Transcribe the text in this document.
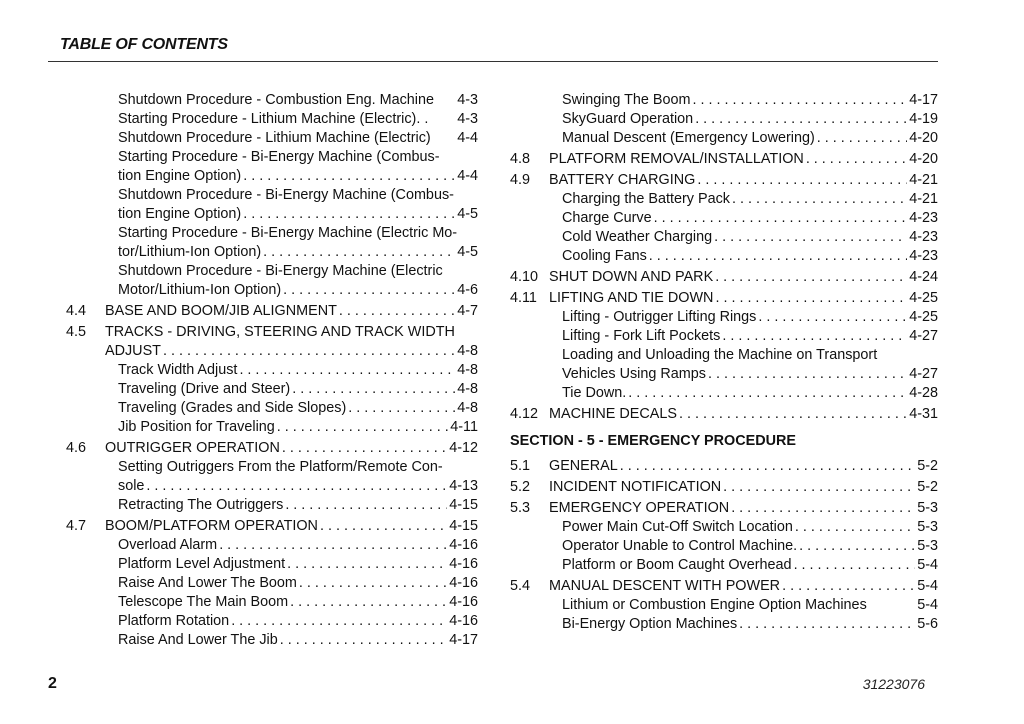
TABLE OF CONTENTS
Shutdown Procedure - Combustion Eng. Machine 4-3
Starting Procedure - Lithium Machine (Electric). . 4-3
Shutdown Procedure - Lithium Machine (Electric) 4-4
Starting Procedure - Bi-Energy Machine (Combus-
tion Engine Option) . . .	4-4
Shutdown Procedure - Bi-Energy Machine (Combus-
tion Engine Option) . . .	4-5
Starting Procedure - Bi-Energy Machine (Electric Mo-
tor/Lithium-Ion Option) . . .	4-5
Shutdown Procedure - Bi-Energy Machine (Electric
Motor/Lithium-Ion Option) . . .	4-6
4.4 BASE AND BOOM/JIB ALIGNMENT . . .	4-7
4.5 TRACKS - DRIVING, STEERING AND TRACK WIDTH
ADJUST . . .	4-8
Track Width Adjust . . .	4-8
Traveling (Drive and Steer) . . .	4-8
Traveling (Grades and Side Slopes) . . .	4-8
Jib Position for Traveling . . .	4-11
4.6 OUTRIGGER OPERATION . . .	4-12
Setting Outriggers From the Platform/Remote Con-
sole . . .	4-13
Retracting The Outriggers . . .	4-15
4.7 BOOM/PLATFORM OPERATION . . .	4-15
Overload Alarm . . .	4-16
Platform Level Adjustment . . .	4-16
Raise And Lower The Boom . . .	4-16
Telescope The Main Boom . . .	4-16
Platform Rotation . . .	4-16
Raise And Lower The Jib . . .	4-17
Swinging The Boom . . .	4-17
SkyGuard Operation . . .	4-19
Manual Descent (Emergency Lowering) . . .	4-20
4.8 PLATFORM REMOVAL/INSTALLATION . . .	4-20
4.9 BATTERY CHARGING . . .	4-21
Charging the Battery Pack . . .	4-21
Charge Curve . . .	4-23
Cold Weather Charging . . .	4-23
Cooling Fans . . .	4-23
4.10 SHUT DOWN AND PARK . . .	4-24
4.11 LIFTING AND TIE DOWN . . .	4-25
Lifting - Outrigger Lifting Rings . . .	4-25
Lifting - Fork Lift Pockets . . .	4-27
Loading and Unloading the Machine on Transport
Vehicles Using Ramps . . .	4-27
Tie Down. . . .	4-28
4.12 MACHINE DECALS . . .	4-31
SECTION - 5 - EMERGENCY PROCEDURE
5.1 GENERAL . . .	5-2
5.2 INCIDENT NOTIFICATION . . .	5-2
5.3 EMERGENCY OPERATION . . .	5-3
Power Main Cut-Off Switch Location . . .	5-3
Operator Unable to Control Machine. . . .	5-3
Platform or Boom Caught Overhead . . .	5-4
5.4 MANUAL DESCENT WITH POWER . . .	5-4
Lithium or Combustion Engine Option Machines	5-4
Bi-Energy Option Machines . . .	5-6
2	31223076
